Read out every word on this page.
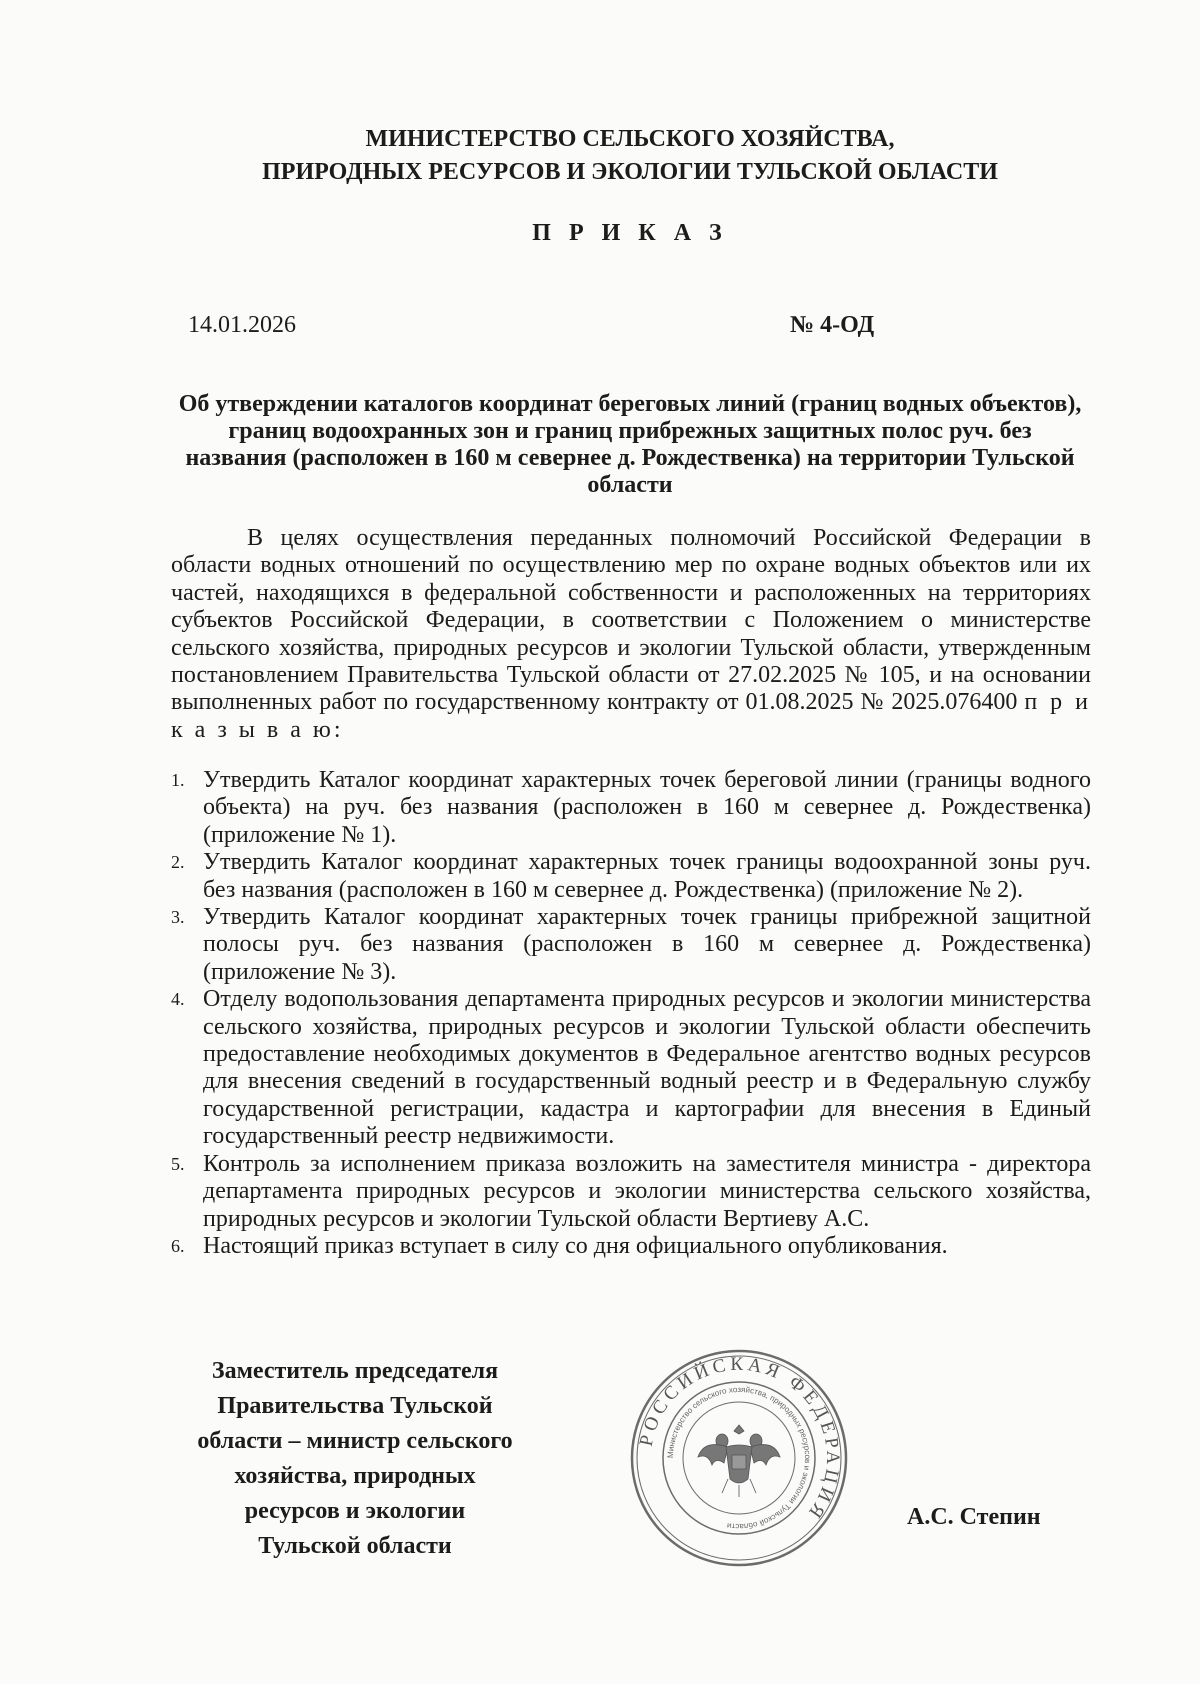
МИНИСТЕРСТВО СЕЛЬСКОГО ХОЗЯЙСТВА,
ПРИРОДНЫХ РЕСУРСОВ И ЭКОЛОГИИ ТУЛЬСКОЙ ОБЛАСТИ
П Р И К А З
14.01.2026	№ 4-ОД
Об утверждении каталогов координат береговых линий (границ водных объектов), границ водоохранных зон и границ прибрежных защитных полос руч. без названия (расположен в 160 м севернее д. Рождественка) на территории Тульской области
В целях осуществления переданных полномочий Российской Федерации в области водных отношений по осуществлению мер по охране водных объектов или их частей, находящихся в федеральной собственности и расположенных на территориях субъектов Российской Федерации, в соответствии с Положением о министерстве сельского хозяйства, природных ресурсов и экологии Тульской области, утвержденным постановлением Правительства Тульской области от 27.02.2025 № 105, и на основании выполненных работ по государственному контракту от 01.08.2025 № 2025.076400 п р и к а з ы в а ю:
1. Утвердить Каталог координат характерных точек береговой линии (границы водного объекта) на руч. без названия (расположен в 160 м севернее д. Рождественка) (приложение № 1).
2. Утвердить Каталог координат характерных точек границы водоохранной зоны руч. без названия (расположен в 160 м севернее д. Рождественка) (приложение № 2).
3. Утвердить Каталог координат характерных точек границы прибрежной защитной полосы руч. без названия (расположен в 160 м севернее д. Рождественка) (приложение № 3).
4. Отделу водопользования департамента природных ресурсов и экологии министерства сельского хозяйства, природных ресурсов и экологии Тульской области обеспечить предоставление необходимых документов в Федеральное агентство водных ресурсов для внесения сведений в государственный водный реестр и в Федеральную службу государственной регистрации, кадастра и картографии для внесения в Единый государственный реестр недвижимости.
5. Контроль за исполнением приказа возложить на заместителя министра - директора департамента природных ресурсов и экологии министерства сельского хозяйства, природных ресурсов и экологии Тульской области Вертиеву А.С.
6. Настоящий приказ вступает в силу со дня официального опубликования.
Заместитель председателя
Правительства Тульской
области – министр сельского
хозяйства, природных
ресурсов и экологии
Тульской области
РОССИЙСКАЯ ФЕДЕРАЦИЯ
Министерство сельского хозяйства, природных ресурсов и экологии Тульской области	А.С. Степин
